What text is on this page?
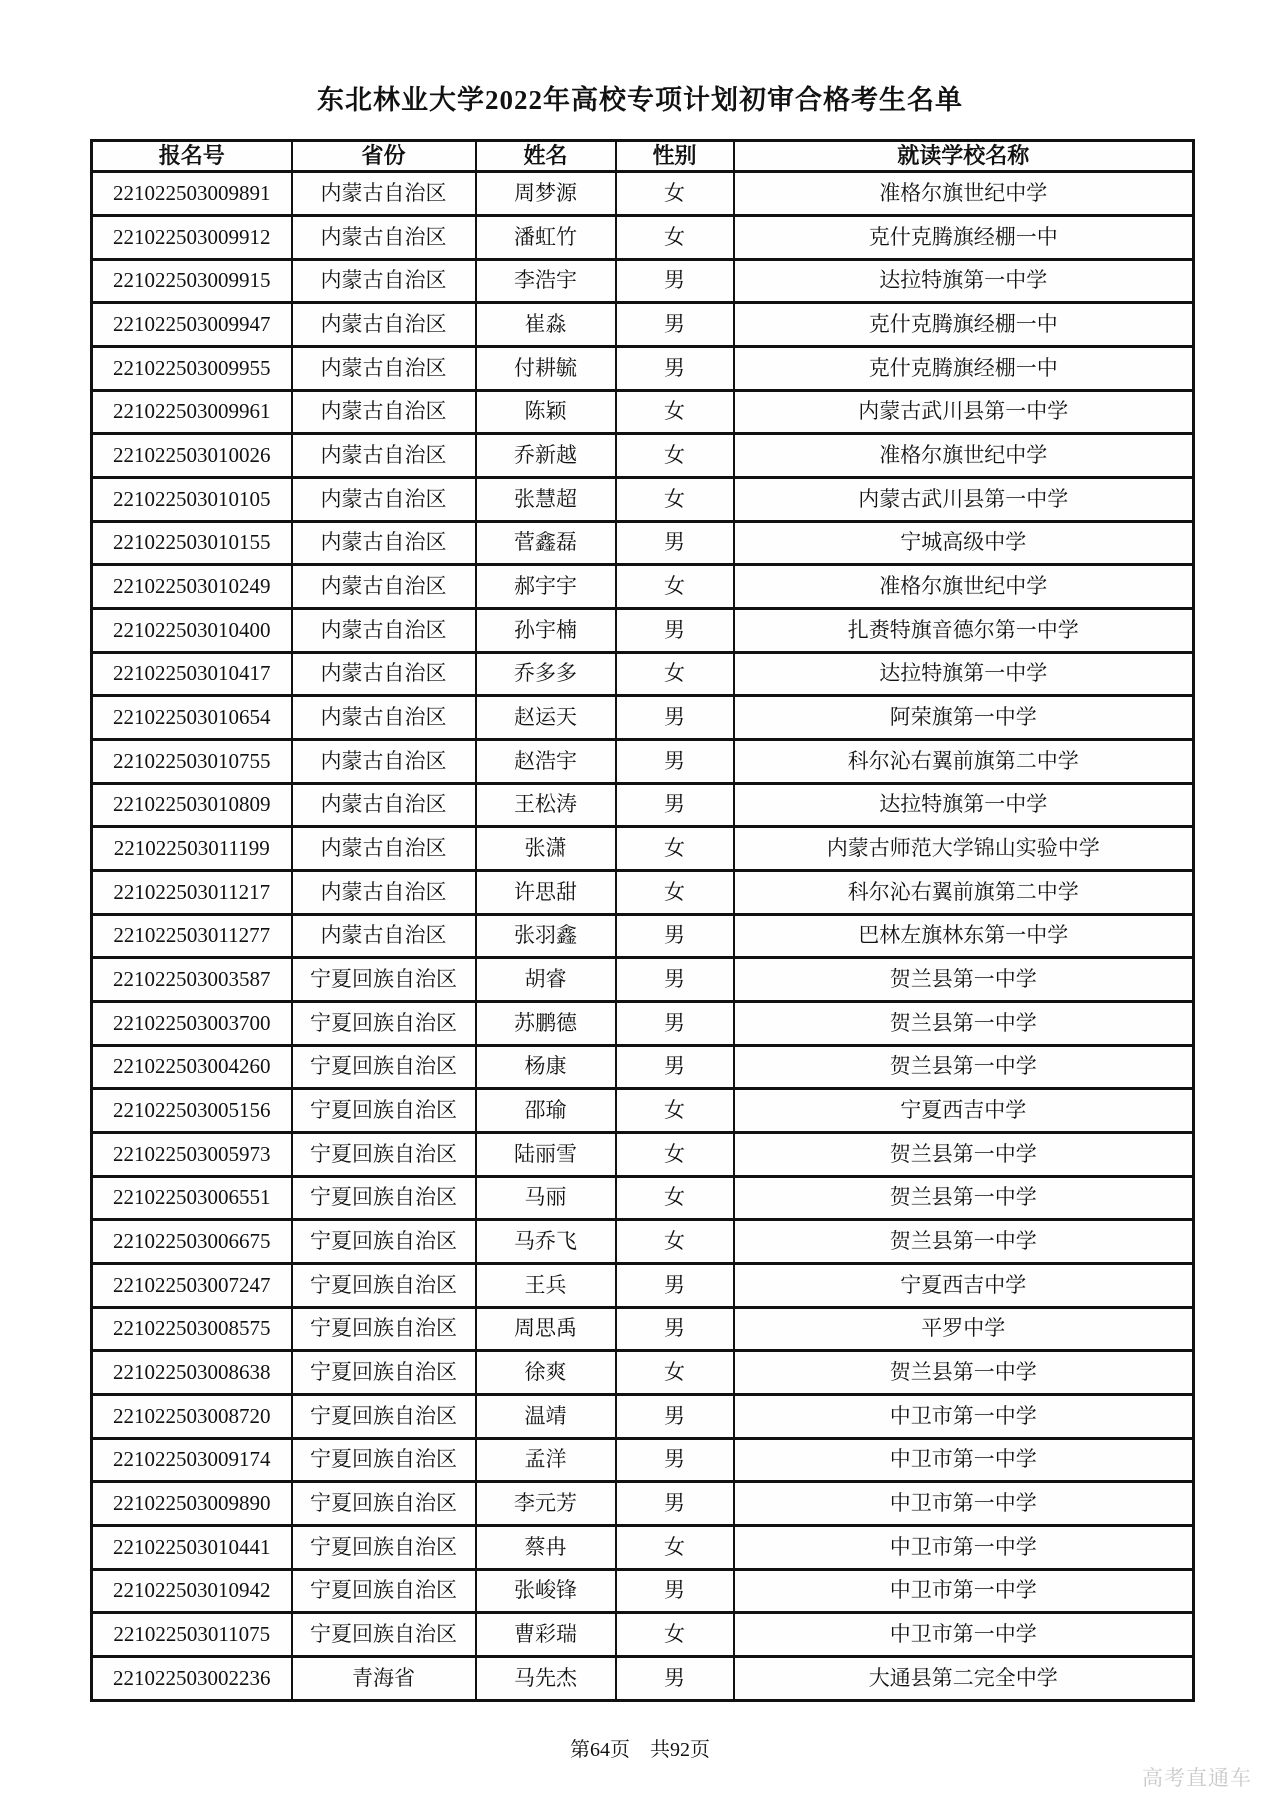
东北林业大学2022年高校专项计划初审合格考生名单
报名号	省份	姓名	性别	就读学校名称
221022503009891	内蒙古自治区	周梦源	女	准格尔旗世纪中学
221022503009912	内蒙古自治区	潘虹竹	女	克什克腾旗经棚一中
221022503009915	内蒙古自治区	李浩宇	男	达拉特旗第一中学
221022503009947	内蒙古自治区	崔淼	男	克什克腾旗经棚一中
221022503009955	内蒙古自治区	付耕毓	男	克什克腾旗经棚一中
221022503009961	内蒙古自治区	陈颖	女	内蒙古武川县第一中学
221022503010026	内蒙古自治区	乔新越	女	准格尔旗世纪中学
221022503010105	内蒙古自治区	张慧超	女	内蒙古武川县第一中学
221022503010155	内蒙古自治区	菅鑫磊	男	宁城高级中学
221022503010249	内蒙古自治区	郝宇宇	女	准格尔旗世纪中学
221022503010400	内蒙古自治区	孙宇楠	男	扎赉特旗音德尔第一中学
221022503010417	内蒙古自治区	乔多多	女	达拉特旗第一中学
221022503010654	内蒙古自治区	赵运天	男	阿荣旗第一中学
221022503010755	内蒙古自治区	赵浩宇	男	科尔沁右翼前旗第二中学
221022503010809	内蒙古自治区	王松涛	男	达拉特旗第一中学
221022503011199	内蒙古自治区	张潇	女	内蒙古师范大学锦山实验中学
221022503011217	内蒙古自治区	许思甜	女	科尔沁右翼前旗第二中学
221022503011277	内蒙古自治区	张羽鑫	男	巴林左旗林东第一中学
221022503003587	宁夏回族自治区	胡睿	男	贺兰县第一中学
221022503003700	宁夏回族自治区	苏鹏德	男	贺兰县第一中学
221022503004260	宁夏回族自治区	杨康	男	贺兰县第一中学
221022503005156	宁夏回族自治区	邵瑜	女	宁夏西吉中学
221022503005973	宁夏回族自治区	陆丽雪	女	贺兰县第一中学
221022503006551	宁夏回族自治区	马丽	女	贺兰县第一中学
221022503006675	宁夏回族自治区	马乔飞	女	贺兰县第一中学
221022503007247	宁夏回族自治区	王兵	男	宁夏西吉中学
221022503008575	宁夏回族自治区	周思禹	男	平罗中学
221022503008638	宁夏回族自治区	徐爽	女	贺兰县第一中学
221022503008720	宁夏回族自治区	温靖	男	中卫市第一中学
221022503009174	宁夏回族自治区	孟洋	男	中卫市第一中学
221022503009890	宁夏回族自治区	李元芳	男	中卫市第一中学
221022503010441	宁夏回族自治区	蔡冉	女	中卫市第一中学
221022503010942	宁夏回族自治区	张峻锋	男	中卫市第一中学
221022503011075	宁夏回族自治区	曹彩瑞	女	中卫市第一中学
221022503002236	青海省	马先杰	男	大通县第二完全中学
第64页　共92页
高考直通车
